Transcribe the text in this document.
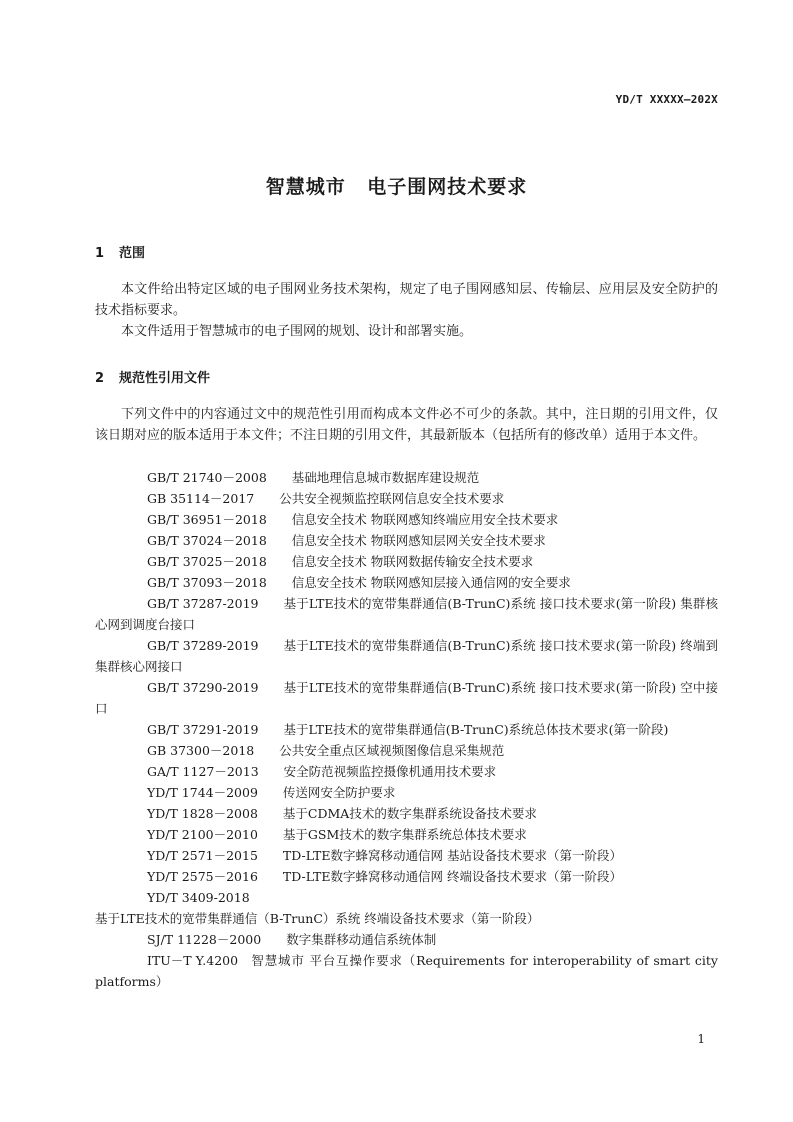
YD/T XXXXX—202X
智慧城市 电子围网技术要求
1 范围
本文件给出特定区域的电子围网业务技术架构，规定了电子围网感知层、传输层、应用层及安全防护的技术指标要求。
本文件适用于智慧城市的电子围网的规划、设计和部署实施。
2 规范性引用文件
下列文件中的内容通过文中的规范性引用而构成本文件必不可少的条款。其中，注日期的引用文件，仅该日期对应的版本适用于本文件；不注日期的引用文件，其最新版本（包括所有的修改单）适用于本文件。
GB/T 21740－2008   基础地理信息城市数据库建设规范
GB 35114－2017   公共安全视频监控联网信息安全技术要求
GB/T 36951－2018   信息安全技术 物联网感知终端应用安全技术要求
GB/T 37024－2018   信息安全技术 物联网感知层网关安全技术要求
GB/T 37025－2018   信息安全技术 物联网数据传输安全技术要求
GB/T 37093－2018   信息安全技术 物联网感知层接入通信网的安全要求
GB/T 37287-2019   基于LTE技术的宽带集群通信(B-TrunC)系统 接口技术要求(第一阶段) 集群核心网到调度台接口
GB/T 37289-2019   基于LTE技术的宽带集群通信(B-TrunC)系统 接口技术要求(第一阶段) 终端到集群核心网接口
GB/T 37290-2019   基于LTE技术的宽带集群通信(B-TrunC)系统 接口技术要求(第一阶段) 空中接口
GB/T 37291-2019   基于LTE技术的宽带集群通信(B-TrunC)系统总体技术要求(第一阶段)
GB 37300－2018   公共安全重点区域视频图像信息采集规范
GA/T 1127－2013   安全防范视频监控摄像机通用技术要求
YD/T 1744－2009   传送网安全防护要求
YD/T 1828－2008   基于CDMA技术的数字集群系统设备技术要求
YD/T 2100－2010   基于GSM技术的数字集群系统总体技术要求
YD/T 2571－2015   TD-LTE数字蜂窝移动通信网 基站设备技术要求（第一阶段）
YD/T 2575－2016   TD-LTE数字蜂窝移动通信网 终端设备技术要求（第一阶段）
YD/T 3409-2018  基于LTE技术的宽带集群通信（B-TrunC）系统 终端设备技术要求（第一阶段）
SJ/T 11228－2000   数字集群移动通信系统体制
ITU－T Y.4200  智慧城市 平台互操作要求（Requirements for interoperability of smart city platforms）
1
